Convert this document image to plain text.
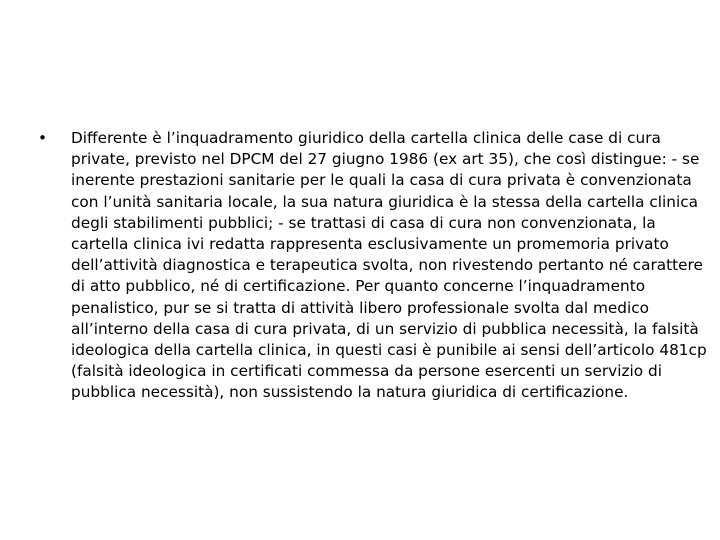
• Differente è l’inquadramento giuridico della cartella clinica delle case di cura private, previsto nel DPCM del 27 giugno 1986 (ex art 35), che così distingue: - se inerente prestazioni sanitarie per le quali la casa di cura privata è convenzionata con l’unità sanitaria locale, la sua natura giuridica è la stessa della cartella clinica degli stabilimenti pubblici; - se trattasi di casa di cura non convenzionata, la cartella clinica ivi redatta rappresenta esclusivamente un promemoria privato dell’attività diagnostica e terapeutica svolta, non rivestendo pertanto né carattere di atto pubblico, né di certificazione. Per quanto concerne l’inquadramento penalistico, pur se si tratta di attività libero professionale svolta dal medico all’interno della casa di cura privata, di un servizio di pubblica necessità, la falsità ideologica della cartella clinica, in questi casi è punibile ai sensi dell’articolo 481cp (falsità ideologica in certificati commessa da persone esercenti un servizio di pubblica necessità), non sussistendo la natura giuridica di certificazione.
